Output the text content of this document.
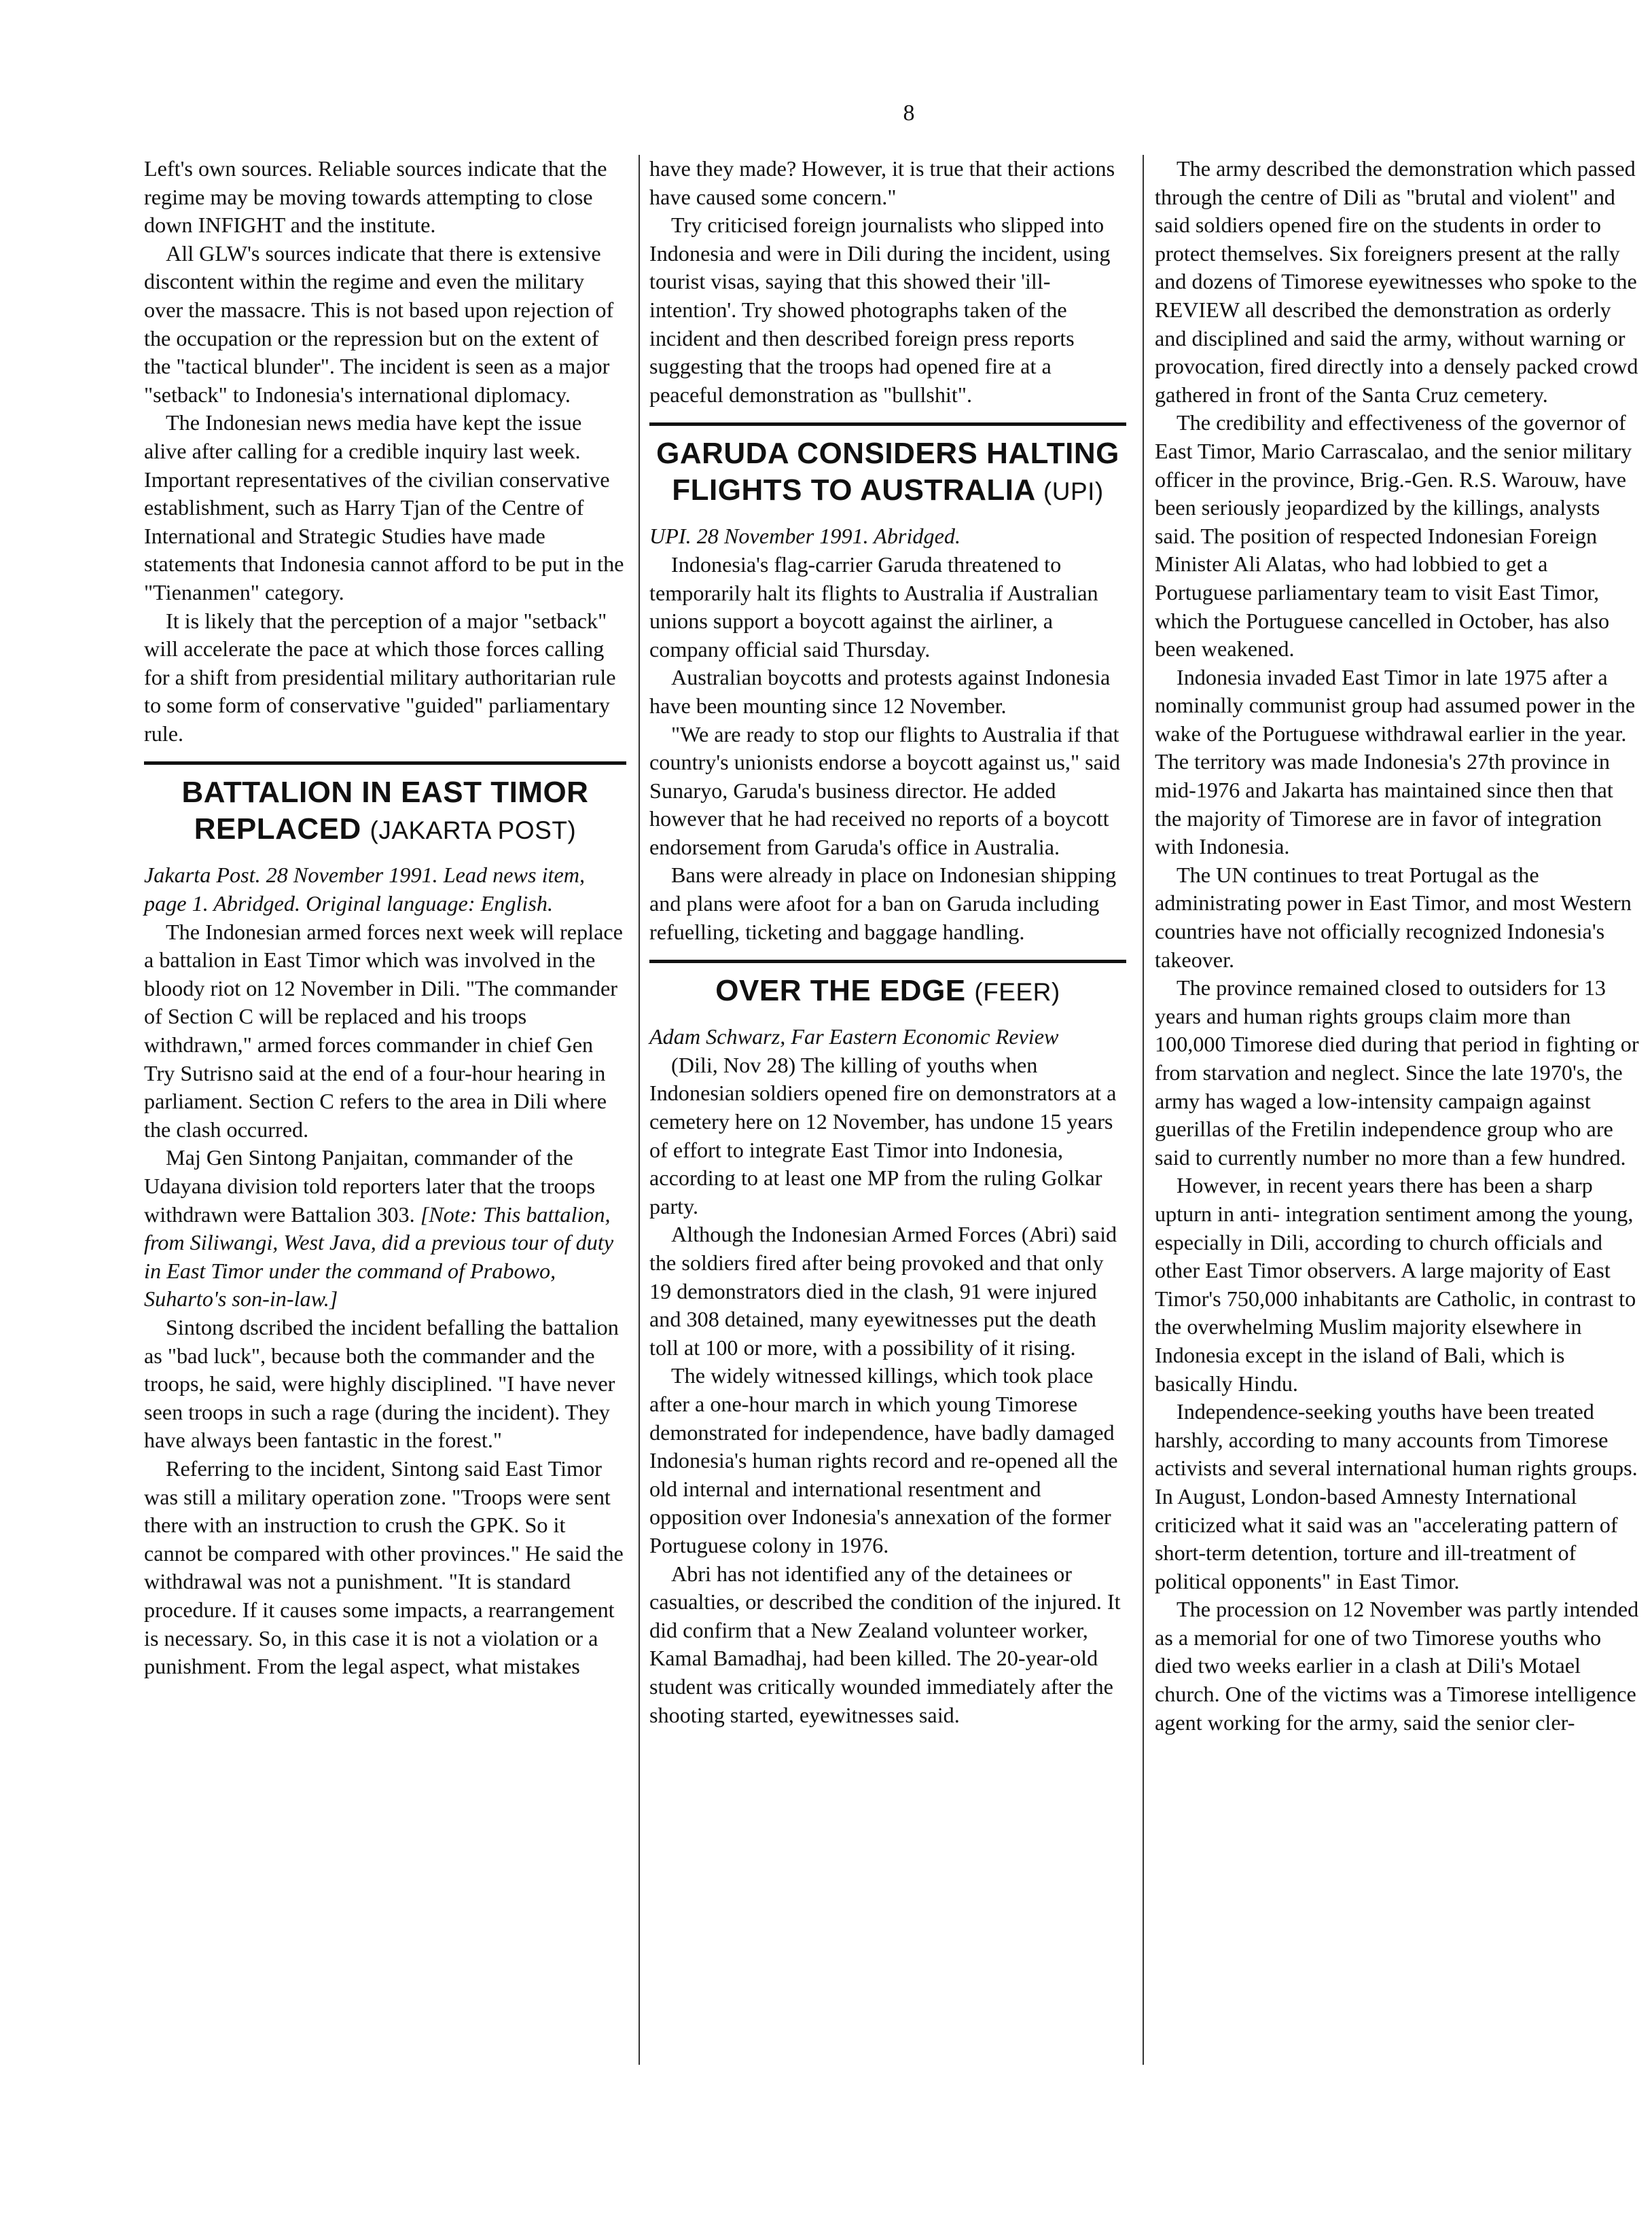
8

Left's own sources. Reliable sources indicate that the regime may be moving towards attempting to close down INFIGHT and the institute.

All GLW's sources indicate that there is extensive discontent within the regime and even the military over the massacre. This is not based upon rejection of the occupation or the repression but on the extent of the "tactical blunder". The incident is seen as a major "setback" to Indonesia's international diplomacy.

The Indonesian news media have kept the issue alive after calling for a credible inquiry last week. Important representatives of the civilian conservative establishment, such as Harry Tjan of the Centre of International and Strategic Studies have made statements that Indonesia cannot afford to be put in the "Tienanmen" category.

It is likely that the perception of a major "setback" will accelerate the pace at which those forces calling for a shift from presidential military authoritarian rule to some form of conservative "guided" parliamentary rule.

BATTALION IN EAST TIMOR REPLACED (JAKARTA POST)

Jakarta Post. 28 November 1991. Lead news item, page 1. Abridged. Original language: English.

The Indonesian armed forces next week will replace a battalion in East Timor which was involved in the bloody riot on 12 November in Dili. "The commander of Section C will be replaced and his troops withdrawn," armed forces commander in chief Gen Try Sutrisno said at the end of a four-hour hearing in parliament. Section C refers to the area in Dili where the clash occurred.

Maj Gen Sintong Panjaitan, commander of the Udayana division told reporters later that the troops withdrawn were Battalion 303. [Note: This battalion, from Siliwangi, West Java, did a previous tour of duty in East Timor under the command of Prabowo, Suharto's son-in-law.]

Sintong dscribed the incident befalling the battalion as "bad luck", because both the commander and the troops, he said, were highly disciplined. "I have never seen troops in such a rage (during the incident). They have always been fantastic in the forest."

Referring to the incident, Sintong said East Timor was still a military operation zone. "Troops were sent there with an instruction to crush the GPK. So it cannot be compared with other provinces." He said the withdrawal was not a punishment. "It is standard procedure. If it causes some impacts, a rearrangement is necessary. So, in this case it is not a violation or a punishment. From the legal aspect, what mistakes

have they made? However, it is true that their actions have caused some concern."

Try criticised foreign journalists who slipped into Indonesia and were in Dili during the incident, using tourist visas, saying that this showed their 'ill-intention'. Try showed photographs taken of the incident and then described foreign press reports suggesting that the troops had opened fire at a peaceful demonstration as "bullshit".

GARUDA CONSIDERS HALTING FLIGHTS TO AUSTRALIA (UPI)

UPI. 28 November 1991. Abridged.

Indonesia's flag-carrier Garuda threatened to temporarily halt its flights to Australia if Australian unions support a boycott against the airliner, a company official said Thursday.

Australian boycotts and protests against Indonesia have been mounting since 12 November.

"We are ready to stop our flights to Australia if that country's unionists endorse a boycott against us," said Sunaryo, Garuda's business director. He added however that he had received no reports of a boycott endorsement from Garuda's office in Australia.

Bans were already in place on Indonesian shipping and plans were afoot for a ban on Garuda including refuelling, ticketing and baggage handling.

OVER THE EDGE (FEER)

Adam Schwarz, Far Eastern Economic Review

(Dili, Nov 28) The killing of youths when Indonesian soldiers opened fire on demonstrators at a cemetery here on 12 November, has undone 15 years of effort to integrate East Timor into Indonesia, according to at least one MP from the ruling Golkar party.

Although the Indonesian Armed Forces (Abri) said the soldiers fired after being provoked and that only 19 demonstrators died in the clash, 91 were injured and 308 detained, many eyewitnesses put the death toll at 100 or more, with a possibility of it rising.

The widely witnessed killings, which took place after a one-hour march in which young Timorese demonstrated for independence, have badly damaged Indonesia's human rights record and re-opened all the old internal and international resentment and opposition over Indonesia's annexation of the former Portuguese colony in 1976.

Abri has not identified any of the detainees or casualties, or described the condition of the injured. It did confirm that a New Zealand volunteer worker, Kamal Bamadhaj, had been killed. The 20-year-old student was critically wounded immediately after the shooting started, eyewitnesses said.

The army described the demonstration which passed through the centre of Dili as "brutal and violent" and said soldiers opened fire on the students in order to protect themselves. Six foreigners present at the rally and dozens of Timorese eyewitnesses who spoke to the REVIEW all described the demonstration as orderly and disciplined and said the army, without warning or provocation, fired directly into a densely packed crowd gathered in front of the Santa Cruz cemetery.

The credibility and effectiveness of the governor of East Timor, Mario Carrascalao, and the senior military officer in the province, Brig.-Gen. R.S. Warouw, have been seriously jeopardized by the killings, analysts said. The position of respected Indonesian Foreign Minister Ali Alatas, who had lobbied to get a Portuguese parliamentary team to visit East Timor, which the Portuguese cancelled in October, has also been weakened.

Indonesia invaded East Timor in late 1975 after a nominally communist group had assumed power in the wake of the Portuguese withdrawal earlier in the year. The territory was made Indonesia's 27th province in mid-1976 and Jakarta has maintained since then that the majority of Timorese are in favor of integration with Indonesia.

The UN continues to treat Portugal as the administrating power in East Timor, and most Western countries have not officially recognized Indonesia's takeover.

The province remained closed to outsiders for 13 years and human rights groups claim more than 100,000 Timorese died during that period in fighting or from starvation and neglect. Since the late 1970's, the army has waged a low-intensity campaign against guerillas of the Fretilin independence group who are said to currently number no more than a few hundred.

However, in recent years there has been a sharp upturn in anti- integration sentiment among the young, especially in Dili, according to church officials and other East Timor observers. A large majority of East Timor's 750,000 inhabitants are Catholic, in contrast to the overwhelming Muslim majority elsewhere in Indonesia except in the island of Bali, which is basically Hindu.

Independence-seeking youths have been treated harshly, according to many accounts from Timorese activists and several international human rights groups. In August, London-based Amnesty International criticized what it said was an "accelerating pattern of short-term detention, torture and ill-treatment of political opponents" in East Timor.

The procession on 12 November was partly intended as a memorial for one of two Timorese youths who died two weeks earlier in a clash at Dili's Motael church. One of the victims was a Timorese intelligence agent working for the army, said the senior cler-
